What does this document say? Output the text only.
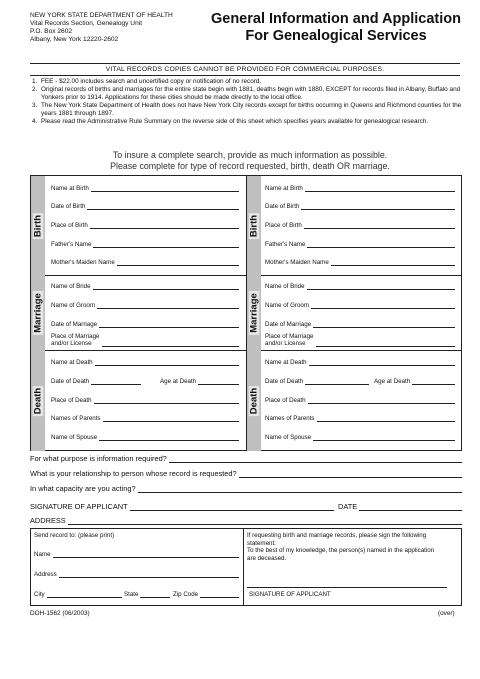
NEW YORK STATE DEPARTMENT OF HEALTH
Vital Records Section, Genealogy Unit
P.O. Box 2602
Albany, New York 12220-2602
General Information and Application
For Genealogical Services
VITAL RECORDS COPIES CANNOT BE PROVIDED FOR COMMERCIAL PURPOSES.
1. FEE - $22.00 includes search and uncertified copy or notification of no record.
2. Original records of births and marriages for the entire state begin with 1881, deaths begin with 1880, EXCEPT for records filed in Albany, Buffalo and Yonkers prior to 1914. Applications for these cities should be made directly to the local office.
3. The New York State Department of Health does not have New York City records except for births occurring in Queens and Richmond counties for the years 1881 through 1897.
4. Please read the Administrative Rule Summary on the reverse side of this sheet which specifies years available for genealogical research.
To insure a complete search, provide as much information as possible.
Please complete for type of record requested, birth, death OR marriage.
Birth
Marriage
Death
Birth
Marriage
Death
Name at Birth
Date of Birth
Place of Birth
Father's Name
Mother's Maiden Name
Name at Birth
Date of Birth
Place of Birth
Father's Name
Mother's Maiden Name
Name of Bride
Name of Groom
Date of Marriage
Place of Marriage
and/or License
Name of Bride
Name of Groom
Date of Marriage
Place of Marriage
and/or License
Name at Death
Date of Death	Age at Death
Place of Death
Names of Parents
Name of Spouse
Name at Death
Date of Death	Age at Death
Place of Death
Names of Parents
Name of Spouse
For what purpose is information required?
What is your relationship to person whose record is requested?
In what capacity are you acting?
SIGNATURE OF APPLICANT	DATE
ADDRESS
Send record to: (please print)
Name
Address
City	State	Zip Code
If requesting birth and marriage records, please sign the following
statement:
To the best of my knowledge, the person(s) named in the application
are deceased.
SIGNATURE OF APPLICANT
DOH-1562 (06/2003)	(over)
